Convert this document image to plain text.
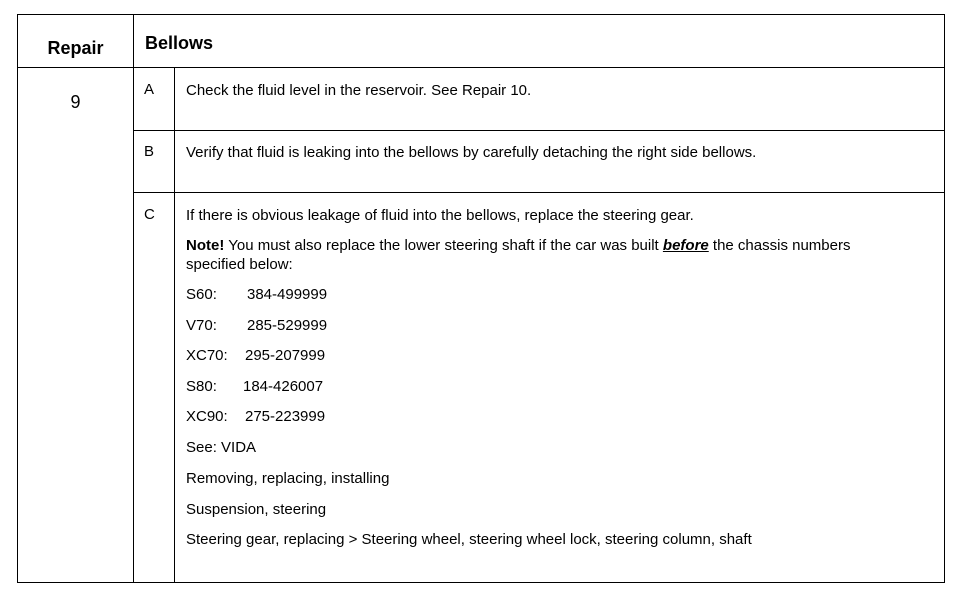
Repair	Bellows
9
A Check the fluid level in the reservoir. See Repair 10.
B Verify that fluid is leaking into the bellows by carefully detaching the right side bellows.
C If there is obvious leakage of fluid into the bellows, replace the steering gear.
Note! You must also replace the lower steering shaft if the car was built before the chassis numbers specified below:
S60: 384-499999
V70: 285-529999
XC70: 295-207999
S80: 184-426007
XC90: 275-223999
See: VIDA
Removing, replacing, installing
Suspension, steering
Steering gear, replacing > Steering wheel, steering wheel lock, steering column, shaft
